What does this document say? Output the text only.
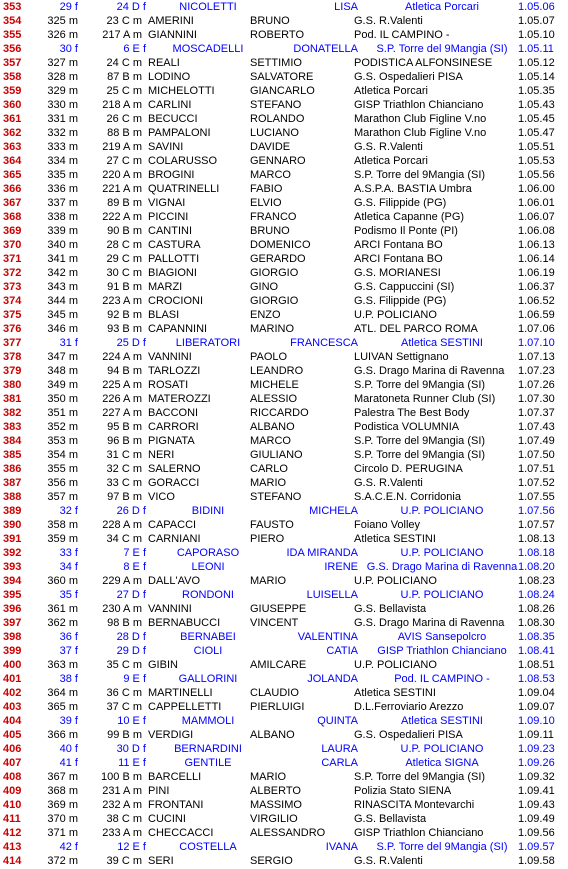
353	29 f	24 D f	NICOLETTI	LISA	Atletica Porcari	1.05.06
354	325 m	23 C m AMERINI	BRUNO	G.S. R.Valenti	1.05.07
355	326 m	217 A m GIANNINI	ROBERTO	Pod. IL CAMPINO -	1.05.10
356	30 f	6 E f	MOSCADELLI	DONATELLA	S.P. Torre del 9Mangia (SI) 1.05.11
357	327 m	24 C m REALI	SETTIMIO	PODISTICA ALFONSINESE	1.05.12
358	328 m	87 B m LODINO	SALVATORE	G.S. Ospedalieri PISA	1.05.14
359	329 m	25 C m MICHELOTTI	GIANCARLO	Atletica Porcari	1.05.35
360	330 m	218 A m CARLINI	STEFANO	GISP Triathlon Chianciano	1.05.43
361	331 m	26 C m BECUCCI	ROLANDO	Marathon Club Figline V.no	1.05.45
362	332 m	88 B m PAMPALONI	LUCIANO	Marathon Club Figline V.no	1.05.47
363	333 m	219 A m SAVINI	DAVIDE	G.S. R.Valenti	1.05.51
364	334 m	27 C m COLARUSSO	GENNARO	Atletica Porcari	1.05.53
365	335 m	220 A m BROGINI	MARCO	S.P. Torre del 9Mangia (SI)	1.05.56
366	336 m	221 A m QUATRINELLI	FABIO	A.S.P.A. BASTIA Umbra	1.06.00
367	337 m	89 B m VIGNAI	ELVIO	G.S. Filippide (PG)	1.06.01
368	338 m	222 A m PICCINI	FRANCO	Atletica Capanne (PG)	1.06.07
369	339 m	90 B m CANTINI	BRUNO	Podismo Il Ponte (PI)	1.06.08
370	340 m	28 C m CASTURA	DOMENICO	ARCI Fontana BO	1.06.13
371	341 m	29 C m PALLOTTI	GERARDO	ARCI Fontana BO	1.06.14
372	342 m	30 C m BIAGIONI	GIORGIO	G.S. MORIANESI	1.06.19
373	343 m	91 B m MARZI	GINO	G.S. Cappuccini (SI)	1.06.37
374	344 m	223 A m CROCIONI	GIORGIO	G.S. Filippide (PG)	1.06.52
375	345 m	92 B m BLASI	ENZO	U.P. POLICIANO	1.06.59
376	346 m	93 B m CAPANNINI	MARINO	ATL. DEL PARCO ROMA	1.07.06
377	31 f	25 D f	LIBERATORI	FRANCESCA	Atletica SESTINI	1.07.10
378	347 m	224 A m VANNINI	PAOLO	LUIVAN Settignano	1.07.13
379	348 m	94 B m TARLOZZI	LEANDRO	G.S. Drago Marina di Ravenna	1.07.23
380	349 m	225 A m ROSATI	MICHELE	S.P. Torre del 9Mangia (SI)	1.07.26
381	350 m	226 A m MATEROZZI	ALESSIO	Maratoneta Runner Club (SI)	1.07.30
382	351 m	227 A m BACCONI	RICCARDO	Palestra The Best Body	1.07.37
383	352 m	95 B m CARRORI	ALBANO	Podistica VOLUMNIA	1.07.43
384	353 m	96 B m PIGNATA	MARCO	S.P. Torre del 9Mangia (SI)	1.07.49
385	354 m	31 C m NERI	GIULIANO	S.P. Torre del 9Mangia (SI)	1.07.50
386	355 m	32 C m SALERNO	CARLO	Circolo D. PERUGINA	1.07.51
387	356 m	33 C m GORACCI	MARIO	G.S. R.Valenti	1.07.52
388	357 m	97 B m VICO	STEFANO	S.A.C.E.N. Corridonia	1.07.55
389	32 f	26 D f	BIDINI	MICHELA	U.P. POLICIANO	1.07.56
390	358 m	228 A m CAPACCI	FAUSTO	Foiano Volley	1.07.57
391	359 m	34 C m CARNIANI	PIERO	Atletica SESTINI	1.08.13
392	33 f	7 E f	CAPORASO	IDA MIRANDA	U.P. POLICIANO	1.08.18
393	34 f	8 E f	LEONI	IRENE G.S. Drago Marina di Ravenna 1.08.20
394	360 m	229 A m DALL'AVO	MARIO	U.P. POLICIANO	1.08.23
395	35 f	27 D f	RONDONI	LUISELLA	U.P. POLICIANO	1.08.24
396	361 m	230 A m VANNINI	GIUSEPPE	G.S. Bellavista	1.08.26
397	362 m	98 B m BERNABUCCI	VINCENT	G.S. Drago Marina di Ravenna	1.08.30
398	36 f	28 D f	BERNABEI	VALENTINA	AVIS Sansepolcro	1.08.35
399	37 f	29 D f	CIOLI	CATIA	GISP Triathlon Chianciano	1.08.41
400	363 m	35 C m GIBIN	AMILCARE	U.P. POLICIANO	1.08.51
401	38 f	9 E f	GALLORINI	JOLANDA	Pod. IL CAMPINO -	1.08.53
402	364 m	36 C m MARTINELLI	CLAUDIO	Atletica SESTINI	1.09.04
403	365 m	37 C m CAPPELLETTI	PIERLUIGI	D.L.Ferroviario Arezzo	1.09.07
404	39 f	10 E f	MAMMOLI	QUINTA	Atletica SESTINI	1.09.10
405	366 m	99 B m VERDIGI	ALBANO	G.S. Ospedalieri PISA	1.09.11
406	40 f	30 D f	BERNARDINI	LAURA	U.P. POLICIANO	1.09.23
407	41 f	11 E f	GENTILE	CARLA	Atletica SIGNA	1.09.26
408	367 m	100 B m BARCELLI	MARIO	S.P. Torre del 9Mangia (SI)	1.09.32
409	368 m	231 A m PINI	ALBERTO	Polizia Stato SIENA	1.09.41
410	369 m	232 A m FRONTANI	MASSIMO	RINASCITA Montevarchi	1.09.43
411	370 m	38 C m CUCINI	VIRGILIO	G.S. Bellavista	1.09.49
412	371 m	233 A m CHECCACCI	ALESSANDRO	GISP Triathlon Chianciano	1.09.56
413	42 f	12 E f	COSTELLA	IVANA	S.P. Torre del 9Mangia (SI) 1.09.57
414	372 m	39 C m SERI	SERGIO	G.S. R.Valenti	1.09.58
